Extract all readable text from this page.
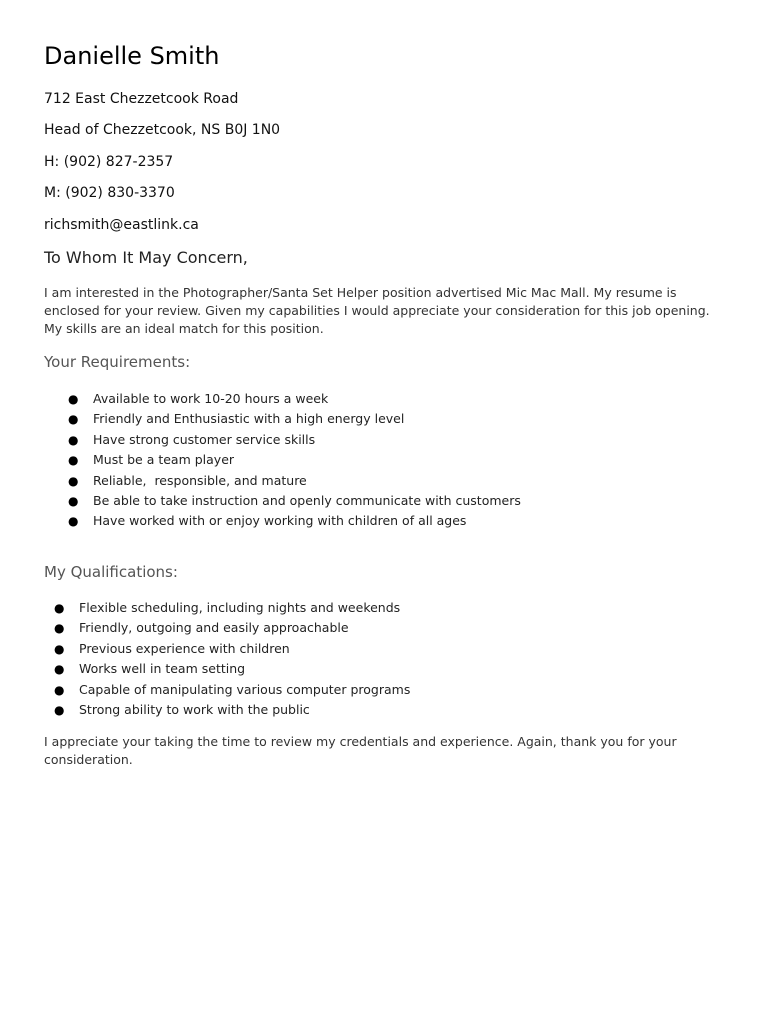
Danielle Smith
712 East Chezzetcook Road
Head of Chezzetcook, NS B0J 1N0
H: (902) 827-2357
M: (902) 830-3370
richsmith@eastlink.ca
To Whom It May Concern,

I am interested in the Photographer/Santa Set Helper position advertised Mic Mac Mall. My resume is enclosed for your review. Given my capabilities I would appreciate your consideration for this job opening. My skills are an ideal match for this position.

Your Requirements:
● Available to work 10-20 hours a week
● Friendly and Enthusiastic with a high energy level
● Have strong customer service skills
● Must be a team player
● Reliable,  responsible, and mature
● Be able to take instruction and openly communicate with customers
● Have worked with or enjoy working with children of all ages
My Qualifications:
● Flexible scheduling, including nights and weekends
● Friendly, outgoing and easily approachable
● Previous experience with children
● Works well in team setting
● Capable of manipulating various computer programs
● Strong ability to work with the public

I appreciate your taking the time to review my credentials and experience. Again, thank you for your consideration.
